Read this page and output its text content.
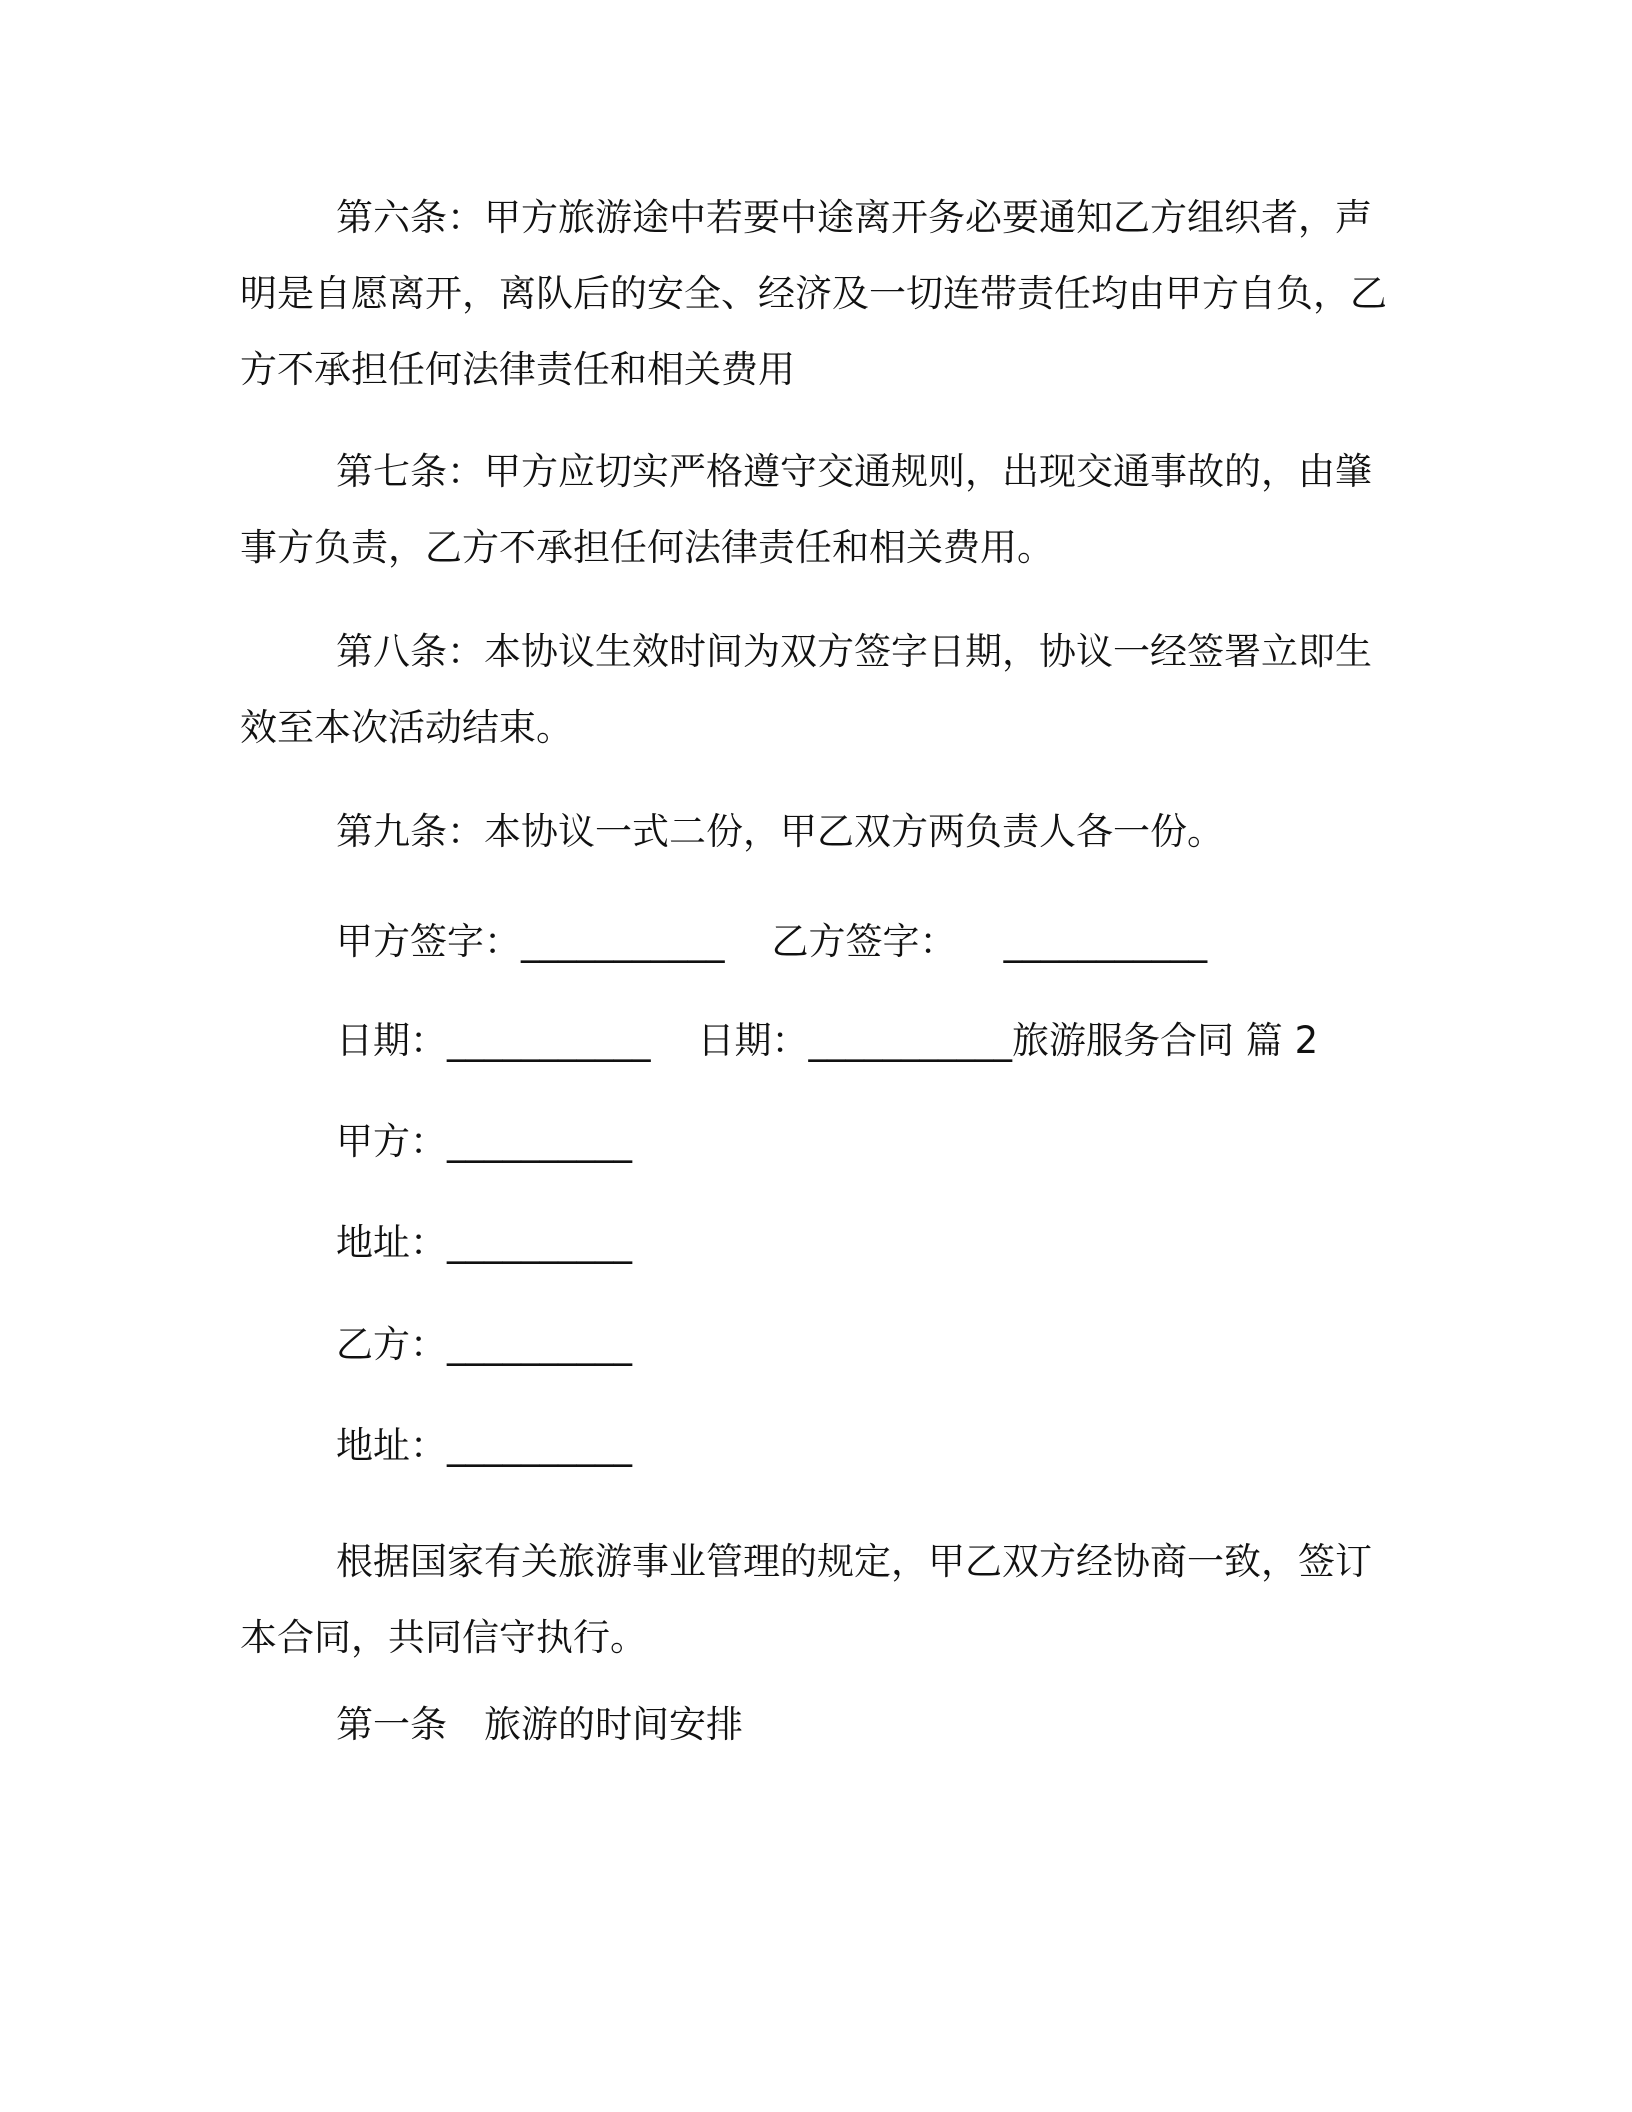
第六条：甲方旅游途中若要中途离开务必要通知乙方组织者，声明是自愿离开，离队后的安全、经济及一切连带责任均由甲方自负，乙方不承担任何法律责任和相关费用

第七条：甲方应切实严格遵守交通规则，出现交通事故的，由肇事方负责，乙方不承担任何法律责任和相关费用。

第八条：本协议生效时间为双方签字日期，协议一经签署立即生效至本次活动结束。

第九条：本协议一式二份，甲乙双方两负责人各一份。

甲方签字：___________    乙方签字：    ___________

日期：___________    日期：___________旅游服务合同 篇 2

甲方：__________

地址：__________

乙方：__________

地址：__________

根据国家有关旅游事业管理的规定，甲乙双方经协商一致，签订本合同，共同信守执行。

第一条　旅游的时间安排
